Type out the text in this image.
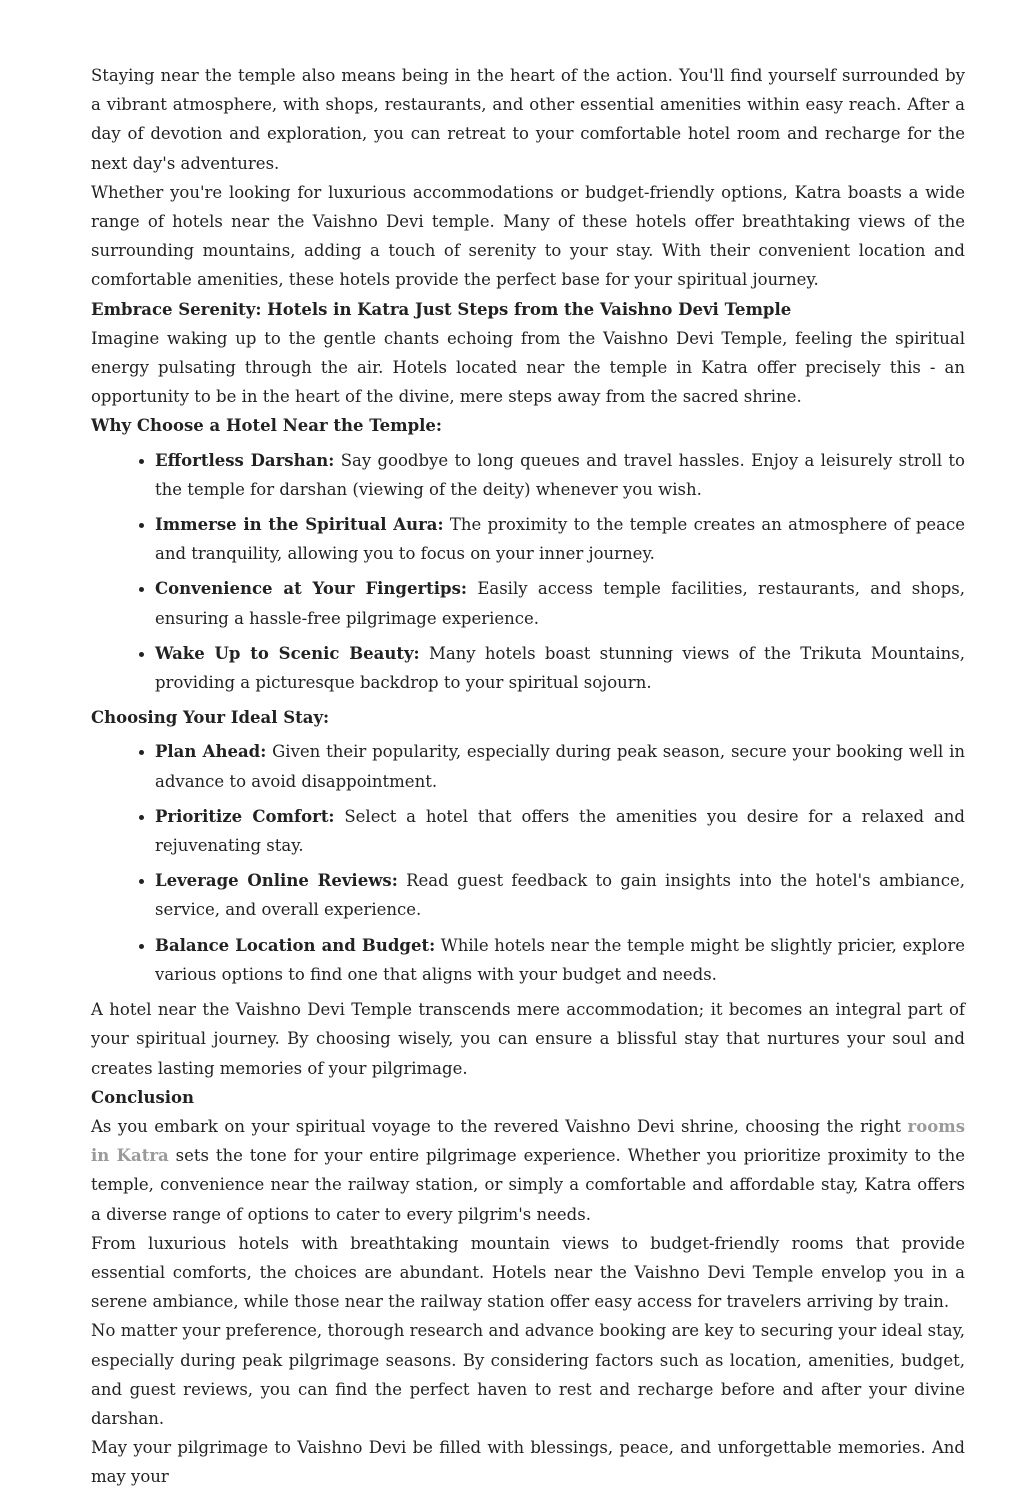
Staying near the temple also means being in the heart of the action. You'll find yourself surrounded by a vibrant atmosphere, with shops, restaurants, and other essential amenities within easy reach. After a day of devotion and exploration, you can retreat to your comfortable hotel room and recharge for the next day's adventures.

Whether you're looking for luxurious accommodations or budget-friendly options, Katra boasts a wide range of hotels near the Vaishno Devi temple. Many of these hotels offer breathtaking views of the surrounding mountains, adding a touch of serenity to your stay. With their convenient location and comfortable amenities, these hotels provide the perfect base for your spiritual journey.

Embrace Serenity: Hotels in Katra Just Steps from the Vaishno Devi Temple

Imagine waking up to the gentle chants echoing from the Vaishno Devi Temple, feeling the spiritual energy pulsating through the air. Hotels located near the temple in Katra offer precisely this - an opportunity to be in the heart of the divine, mere steps away from the sacred shrine.

Why Choose a Hotel Near the Temple:

• Effortless Darshan: Say goodbye to long queues and travel hassles. Enjoy a leisurely stroll to the temple for darshan (viewing of the deity) whenever you wish.
• Immerse in the Spiritual Aura: The proximity to the temple creates an atmosphere of peace and tranquility, allowing you to focus on your inner journey.
• Convenience at Your Fingertips: Easily access temple facilities, restaurants, and shops, ensuring a hassle-free pilgrimage experience.
• Wake Up to Scenic Beauty: Many hotels boast stunning views of the Trikuta Mountains, providing a picturesque backdrop to your spiritual sojourn.

Choosing Your Ideal Stay:

• Plan Ahead: Given their popularity, especially during peak season, secure your booking well in advance to avoid disappointment.
• Prioritize Comfort: Select a hotel that offers the amenities you desire for a relaxed and rejuvenating stay.
• Leverage Online Reviews: Read guest feedback to gain insights into the hotel's ambiance, service, and overall experience.
• Balance Location and Budget: While hotels near the temple might be slightly pricier, explore various options to find one that aligns with your budget and needs.

A hotel near the Vaishno Devi Temple transcends mere accommodation; it becomes an integral part of your spiritual journey. By choosing wisely, you can ensure a blissful stay that nurtures your soul and creates lasting memories of your pilgrimage.

Conclusion

As you embark on your spiritual voyage to the revered Vaishno Devi shrine, choosing the right rooms in Katra sets the tone for your entire pilgrimage experience. Whether you prioritize proximity to the temple, convenience near the railway station, or simply a comfortable and affordable stay, Katra offers a diverse range of options to cater to every pilgrim's needs.

From luxurious hotels with breathtaking mountain views to budget-friendly rooms that provide essential comforts, the choices are abundant. Hotels near the Vaishno Devi Temple envelop you in a serene ambiance, while those near the railway station offer easy access for travelers arriving by train.

No matter your preference, thorough research and advance booking are key to securing your ideal stay, especially during peak pilgrimage seasons. By considering factors such as location, amenities, budget, and guest reviews, you can find the perfect haven to rest and recharge before and after your divine darshan.

May your pilgrimage to Vaishno Devi be filled with blessings, peace, and unforgettable memories. And may your
